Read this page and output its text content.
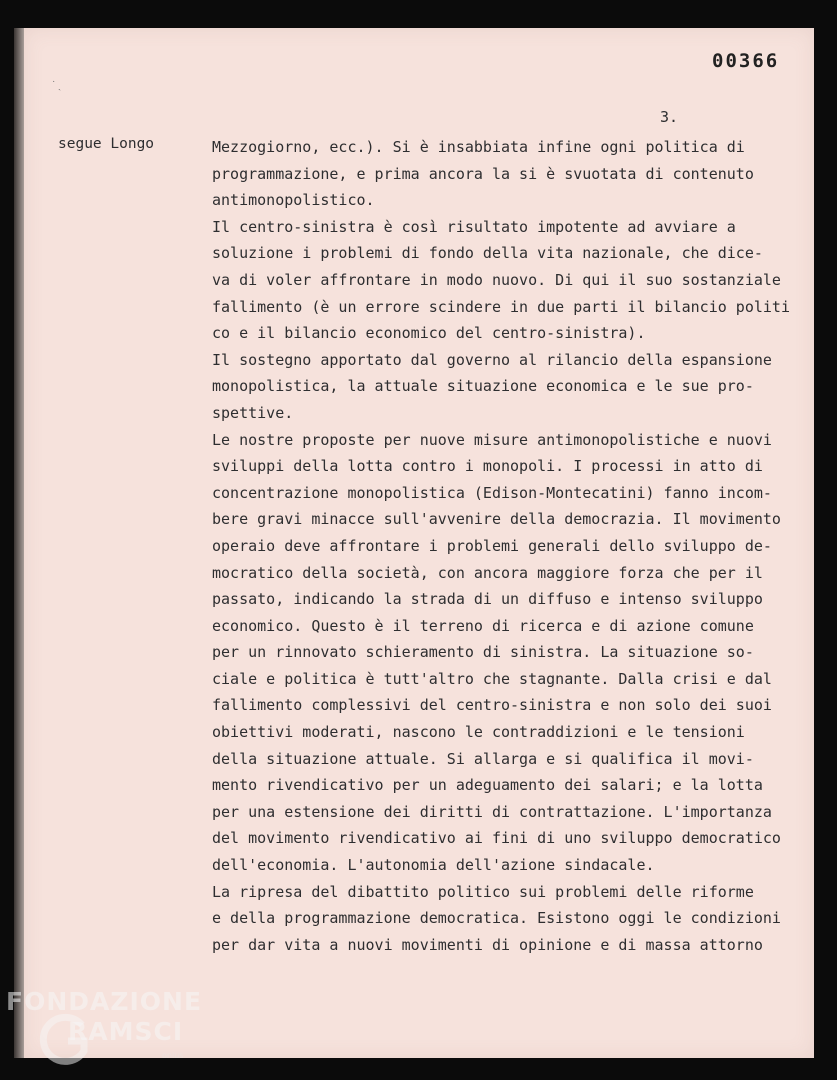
˙ ˎ
00366
3.
segue Longo	Mezzogiorno, ecc.). Si è insabbiata infine ogni politica di
programmazione, e prima ancora la si è svuotata di contenuto
antimonopolistico.
Il centro-sinistra è così risultato impotente ad avviare a
soluzione i problemi di fondo della vita nazionale, che dice-
va di voler affrontare in modo nuovo. Di qui il suo sostanziale
fallimento (è un errore scindere in due parti il bilancio politi
co e il bilancio economico del centro-sinistra).
Il sostegno apportato dal governo al rilancio della espansione
monopolistica, la attuale situazione economica e le sue pro-
spettive.
Le nostre proposte per nuove misure antimonopolistiche e nuovi
sviluppi della lotta contro i monopoli. I processi in atto di
concentrazione monopolistica (Edison-Montecatini) fanno incom-
bere gravi minacce sull'avvenire della democrazia. Il movimento
operaio deve affrontare i problemi generali dello sviluppo de-
mocratico della società, con ancora maggiore forza che per il
passato, indicando la strada di un diffuso e intenso sviluppo
economico. Questo è il terreno di ricerca e di azione comune
per un rinnovato schieramento di sinistra. La situazione so-
ciale e politica è tutt'altro che stagnante. Dalla crisi e dal
fallimento complessivi del centro-sinistra e non solo dei suoi
obiettivi moderati, nascono le contraddizioni e le tensioni
della situazione attuale. Si allarga e si qualifica il movi-
mento rivendicativo per un adeguamento dei salari; e la lotta
per una estensione dei diritti di contrattazione. L'importanza
del movimento rivendicativo ai fini di uno sviluppo democratico
dell'economia. L'autonomia dell'azione sindacale.
La ripresa del dibattito politico sui problemi delle riforme
e della programmazione democratica. Esistono oggi le condizioni
per dar vita a nuovi movimenti di opinione e di massa attorno
FONDAZIONE
RAMSCI
onlus
